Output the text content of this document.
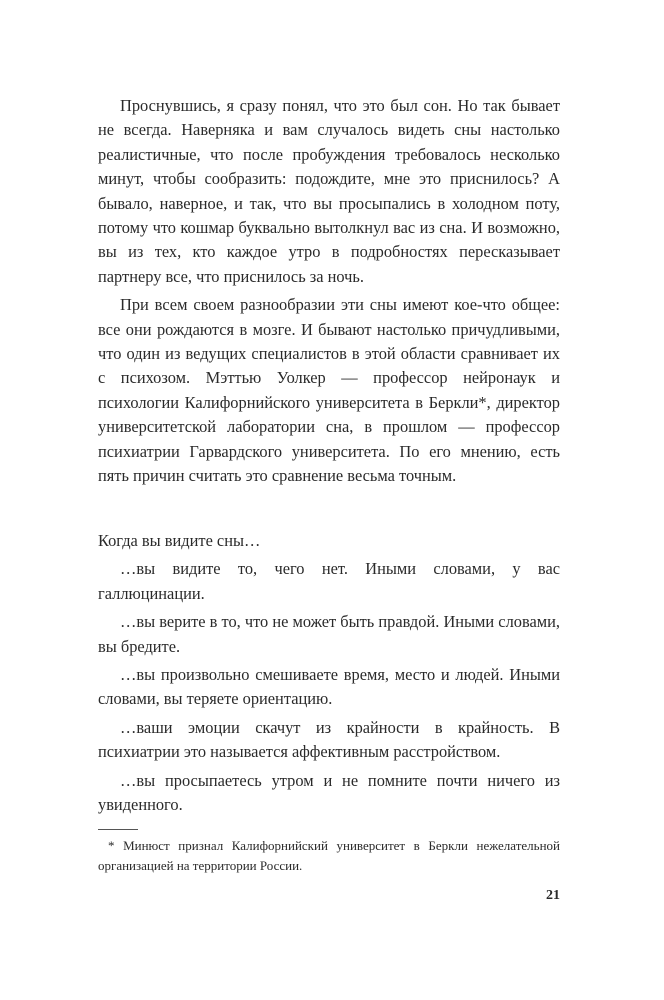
Проснувшись, я сразу понял, что это был сон. Но так бывает не всегда. Наверняка и вам случалось видеть сны настолько реалистичные, что после пробуждения требовалось несколько минут, чтобы сообразить: подождите, мне это приснилось? А бывало, наверное, и так, что вы просыпались в холодном поту, потому что кошмар буквально вытолкнул вас из сна. И возможно, вы из тех, кто каждое утро в подробностях пересказывает партнеру все, что приснилось за ночь.

При всем своем разнообразии эти сны имеют кое-что общее: все они рождаются в мозге. И бывают настолько причудливыми, что один из ведущих специалистов в этой области сравнивает их с психозом. Мэттью Уолкер — профессор нейронаук и психологии Калифорнийского университета в Беркли*, директор университетской лаборатории сна, в прошлом — профессор психиатрии Гарвардского университета. По его мнению, есть пять причин считать это сравнение весьма точным.

Когда вы видите сны…

…вы видите то, чего нет. Иными словами, у вас галлюцинации.

…вы верите в то, что не может быть правдой. Иными словами, вы бредите.

…вы произвольно смешиваете время, место и людей. Иными словами, вы теряете ориентацию.

…ваши эмоции скачут из крайности в крайность. В психиатрии это называется аффективным расстройством.

…вы просыпаетесь утром и не помните почти ничего из увиденного.

* Минюст признал Калифорнийский университет в Беркли нежелательной организацией на территории России.

21
